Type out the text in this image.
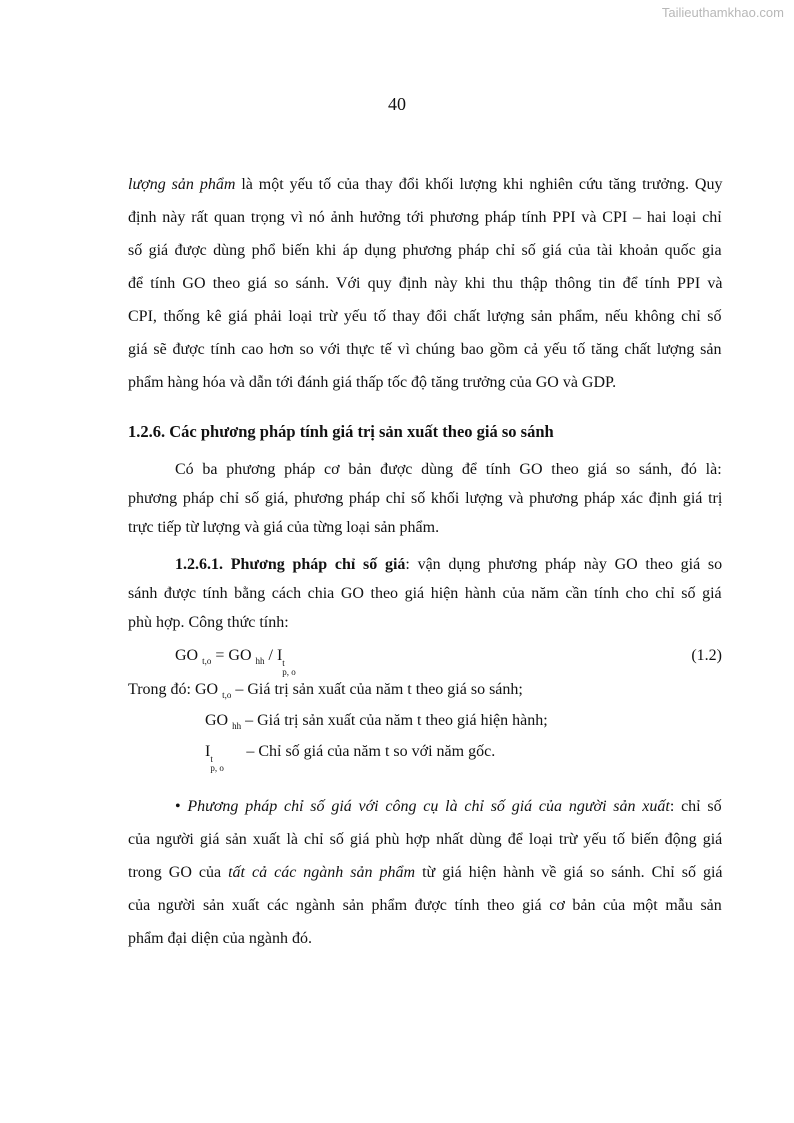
Tailieuthamkhao.com
40
lượng sản phẩm là một yếu tố của thay đổi khối lượng khi nghiên cứu tăng trưởng. Quy
định này rất quan trọng vì nó ảnh hưởng tới phương pháp tính PPI và CPI – hai loại chỉ
số giá được dùng phổ biến khi áp dụng phương pháp chỉ số giá của tài khoản quốc gia
để tính GO theo giá so sánh. Với quy định này khi thu thập thông tin để tính PPI và
CPI, thống kê giá phải loại trừ yếu tố thay đổi chất lượng sản phẩm, nếu không chỉ số
giá sẽ được tính cao hơn so với thực tế vì chúng bao gồm cả yếu tố tăng chất lượng sản
phẩm hàng hóa và dẫn tới đánh giá thấp tốc độ tăng trưởng của GO và GDP.
1.2.6. Các phương pháp tính giá trị sản xuất theo giá so sánh
Có ba phương pháp cơ bản được dùng để tính GO theo giá so sánh, đó là:
phương pháp chỉ số giá, phương pháp chỉ số khối lượng và phương pháp xác định giá trị
trực tiếp từ lượng và giá của từng loại sản phẩm.
1.2.6.1. Phương pháp chỉ số giá: vận dụng phương pháp này GO theo giá so
sánh được tính bằng cách chia GO theo giá hiện hành của năm cần tính cho chỉ số giá
phù hợp. Công thức tính:
GO $_{t,o}$ = GO $_{hh}$ / I t
p, o
(1.2)
Trong đó: GO $_{t,o}$ – Giá trị sản xuất của năm t theo giá so sánh;
GO $_{hh}$ – Giá trị sản xuất của năm t theo giá hiện hành;
I t
p, o
– Chỉ số giá của năm t so với năm gốc.
• Phương pháp chỉ số giá với công cụ là chỉ số giá của người sản xuất: chỉ số
của người giá sản xuất là chỉ số giá phù hợp nhất dùng để loại trừ yếu tố biến động giá
trong GO của tất cả các ngành sản phẩm từ giá hiện hành về giá so sánh. Chỉ số giá
của người sản xuất các ngành sản phẩm được tính theo giá cơ bản của một mẫu sản
phẩm đại diện của ngành đó.
